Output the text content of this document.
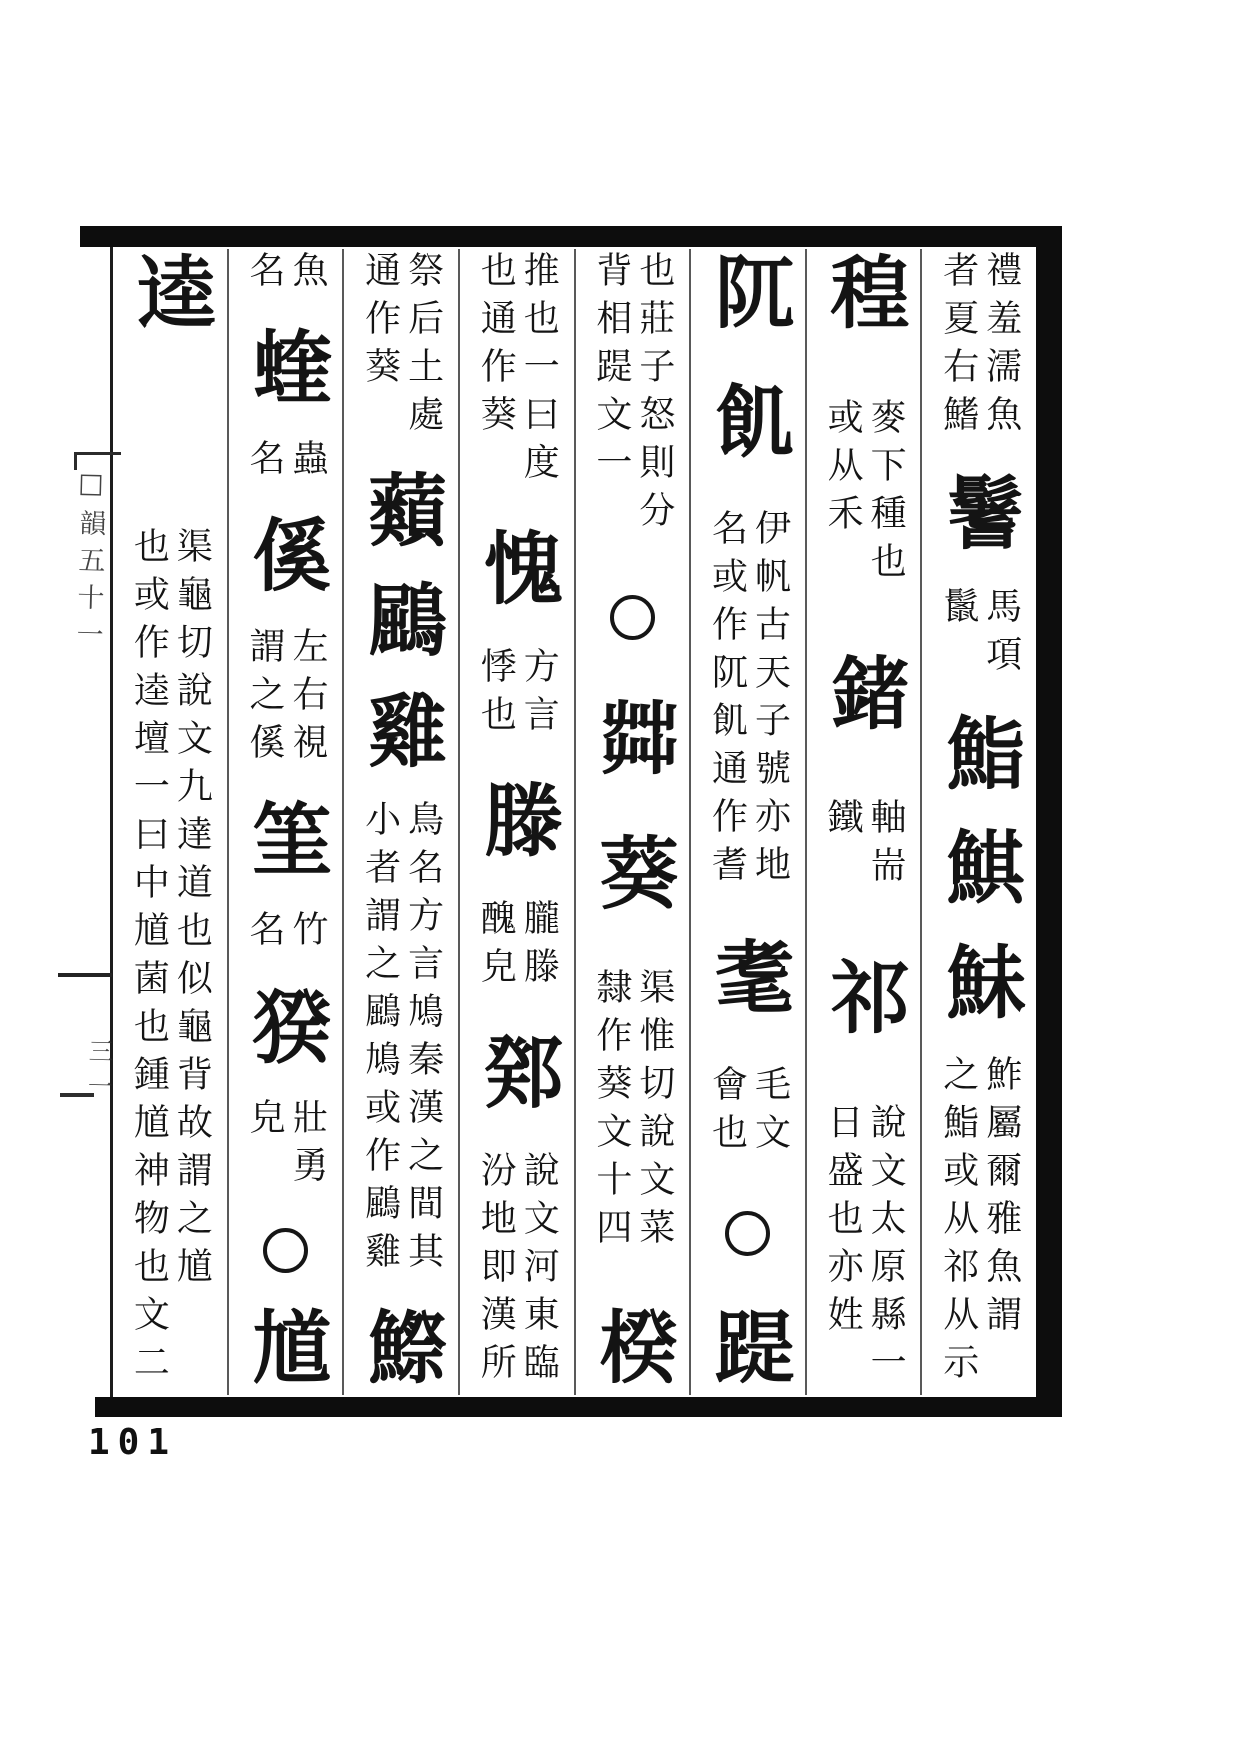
禮羞濡魚
者夏右鰭
鬐
馬項
鬛
鮨
鯕
鮇
鮓屬爾雅魚謂
之鮨或从祁从示
䅣
麥下種也
或从禾
鍺
軸耑
鐵
祁
說文太原縣一
日盛也亦姓
阢
飢
伊帆古天子號亦地
名或作阢飢通作耆
耄
毛文
會也
踶
也莊子怒則分
背相踶文一
茻
葵
渠惟切說文菜
隸作葵文十四
楑
推也一曰度
也通作葵
愧
方言
悸也
滕
朧滕
醜皃
鄈
說文河東臨
汾地即漢所
祭后土處
通作葵
蘱
鶌
雞
鳥名方言鳩秦漢之間其
小者謂之鶌鳩或作鶌雞
鰶
魚
名
蝰
蟲
名
傒
左右視
謂之傒
筀
竹
名
猤
壯勇
皃
馗
逵
渠龜切說文九達道也似龜背故謂之馗
也或作逵壇一曰中馗菌也鍾馗神物也文二
□韻五十一
三一
101
